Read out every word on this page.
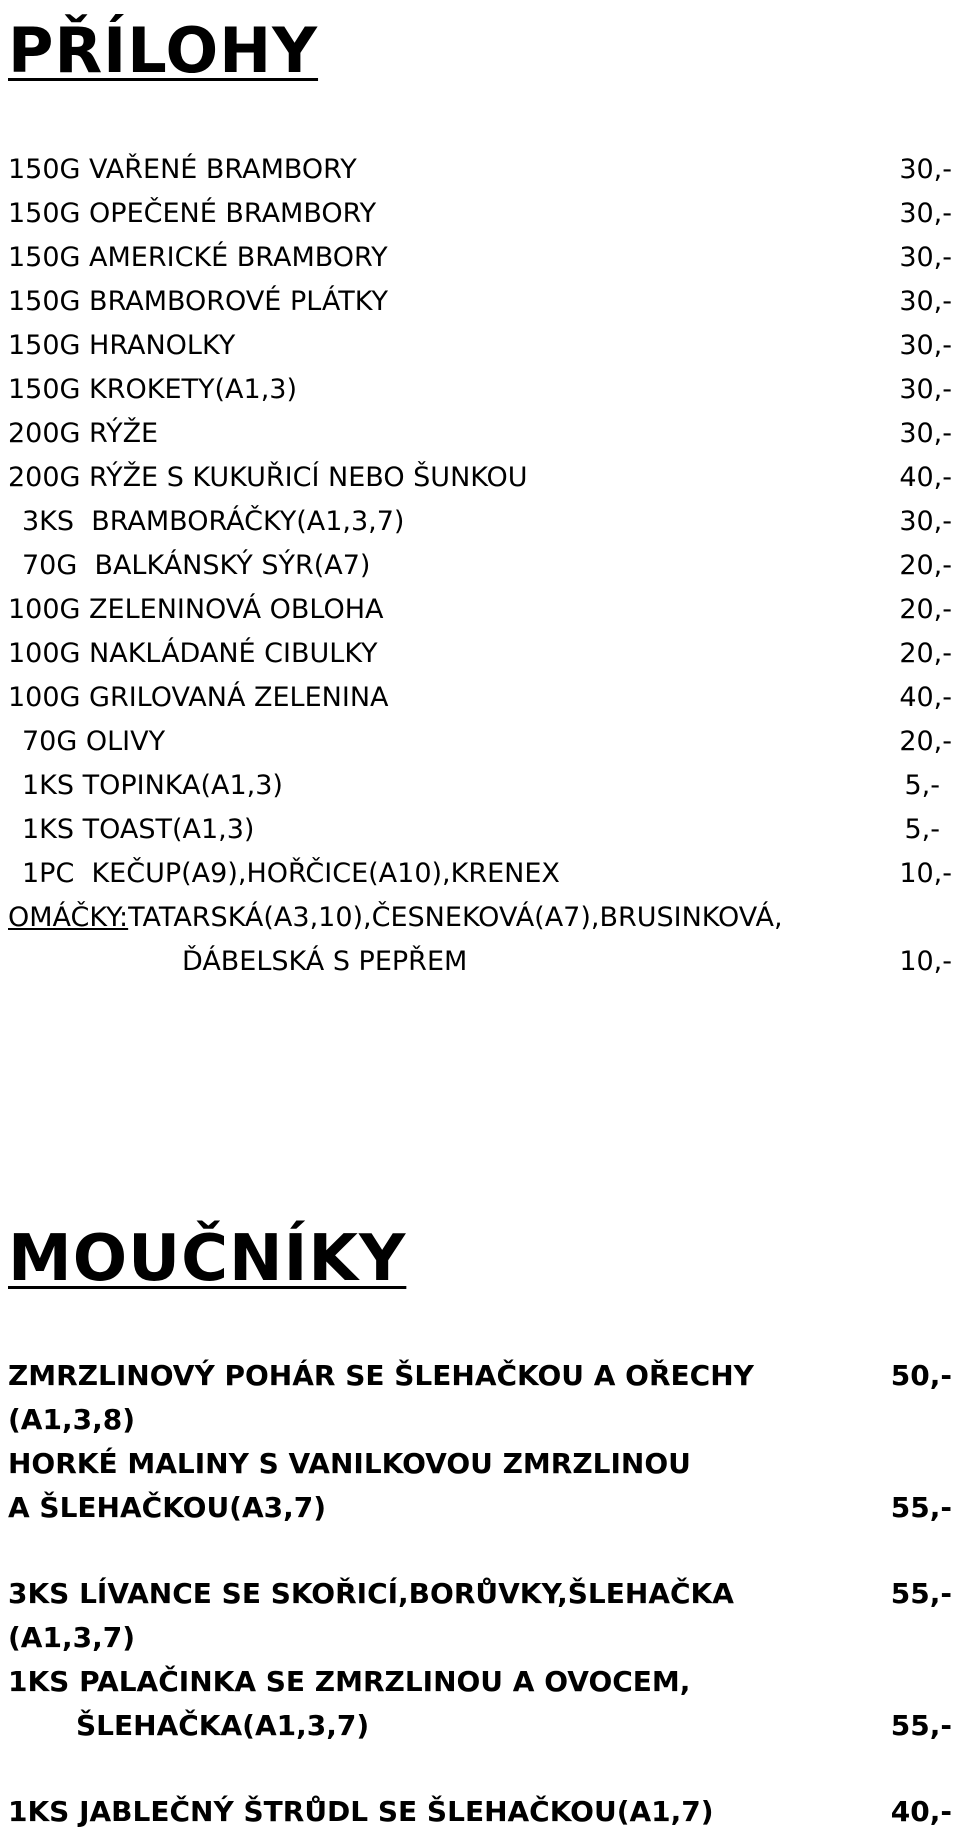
PŘÍLOHY
150G VAŘENÉ BRAMBORY	30,-
150G OPEČENÉ BRAMBORY	30,-
150G AMERICKÉ BRAMBORY	30,-
150G BRAMBOROVÉ PLÁTKY	30,-
150G HRANOLKY	30,-
150G KROKETY(A1,3)	30,-
200G RÝŽE	30,-
200G RÝŽE S KUKUŘICÍ NEBO ŠUNKOU	40,-
3KS  BRAMBORÁČKY(A1,3,7)	30,-
70G  BALKÁNSKÝ SÝR(A7)	20,-
100G ZELENINOVÁ OBLOHA	20,-
100G NAKLÁDANÉ CIBULKY	20,-
100G GRILOVANÁ ZELENINA	40,-
70G OLIVY	20,-
1KS TOPINKA(A1,3)	5,-
1KS TOAST(A1,3)	5,-
1PC  KEČUP(A9),HOŘČICE(A10),KRENEX	10,-
OMÁČKY:TATARSKÁ(A3,10),ČESNEKOVÁ(A7),BRUSINKOVÁ,
ĎÁBELSKÁ S PEPŘEM	10,-
MOUČNÍKY
ZMRZLINOVÝ POHÁR SE ŠLEHAČKOU A OŘECHY	50,-
(A1,3,8)
HORKÉ MALINY S VANILKOVOU ZMRZLINOU
A ŠLEHAČKOU(A3,7)	55,-
3KS LÍVANCE SE SKOŘICÍ,BORŮVKY,ŠLEHAČKA	55,-
(A1,3,7)
1KS PALAČINKA SE ZMRZLINOU A OVOCEM,
ŠLEHAČKA(A1,3,7)	55,-
1KS JABLEČNÝ ŠTRŮDL SE ŠLEHAČKOU(A1,7)	40,-
